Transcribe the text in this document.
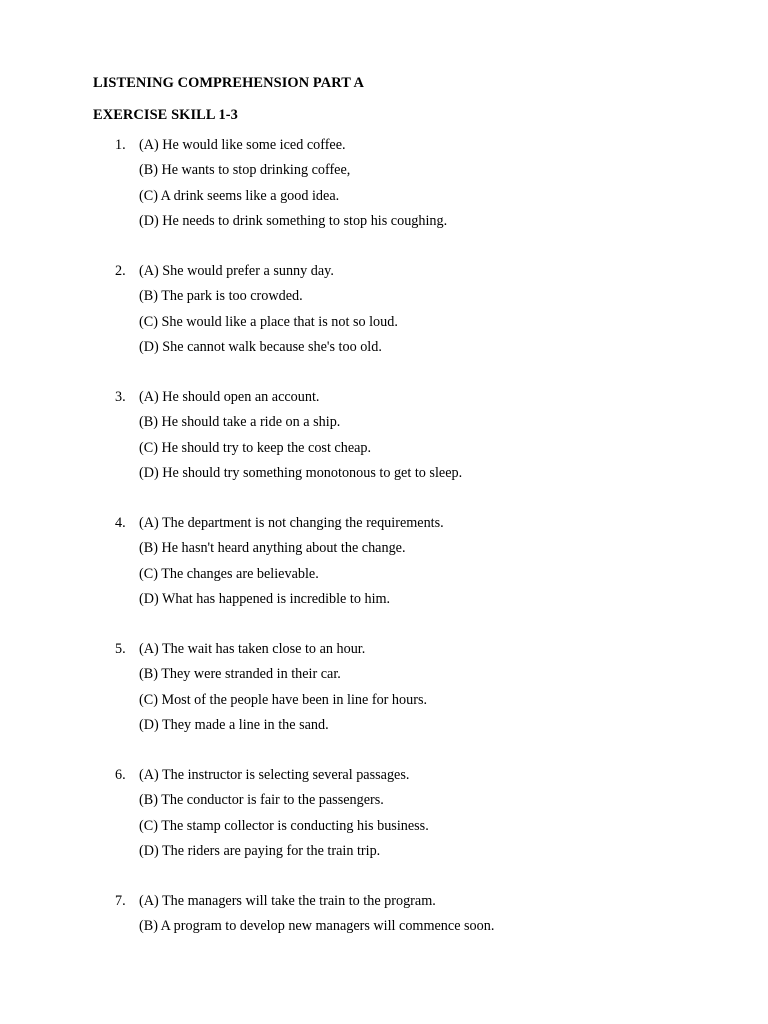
LISTENING COMPREHENSION PART A
EXERCISE SKILL 1-3
1. (A) He would like some iced coffee.
(B) He wants to stop drinking coffee,
(C) A drink seems like a good idea.
(D) He needs to drink something to stop his coughing.
2. (A) She would prefer a sunny day.
(B) The park is too crowded.
(C) She would like a place that is not so loud.
(D) She cannot walk because she's too old.
3. (A) He should open an account.
(B) He should take a ride on a ship.
(C) He should try to keep the cost cheap.
(D) He should try something monotonous to get to sleep.
4. (A) The department is not changing the requirements.
(B) He hasn't heard anything about the change.
(C) The changes are believable.
(D) What has happened is incredible to him.
5. (A) The wait has taken close to an hour.
(B) They were stranded in their car.
(C) Most of the people have been in line for hours.
(D) They made a line in the sand.
6. (A) The instructor is selecting several passages.
(B) The conductor is fair to the passengers.
(C) The stamp collector is conducting his business.
(D) The riders are paying for the train trip.
7. (A) The managers will take the train to the program.
(B) A program to develop new managers will commence soon.
